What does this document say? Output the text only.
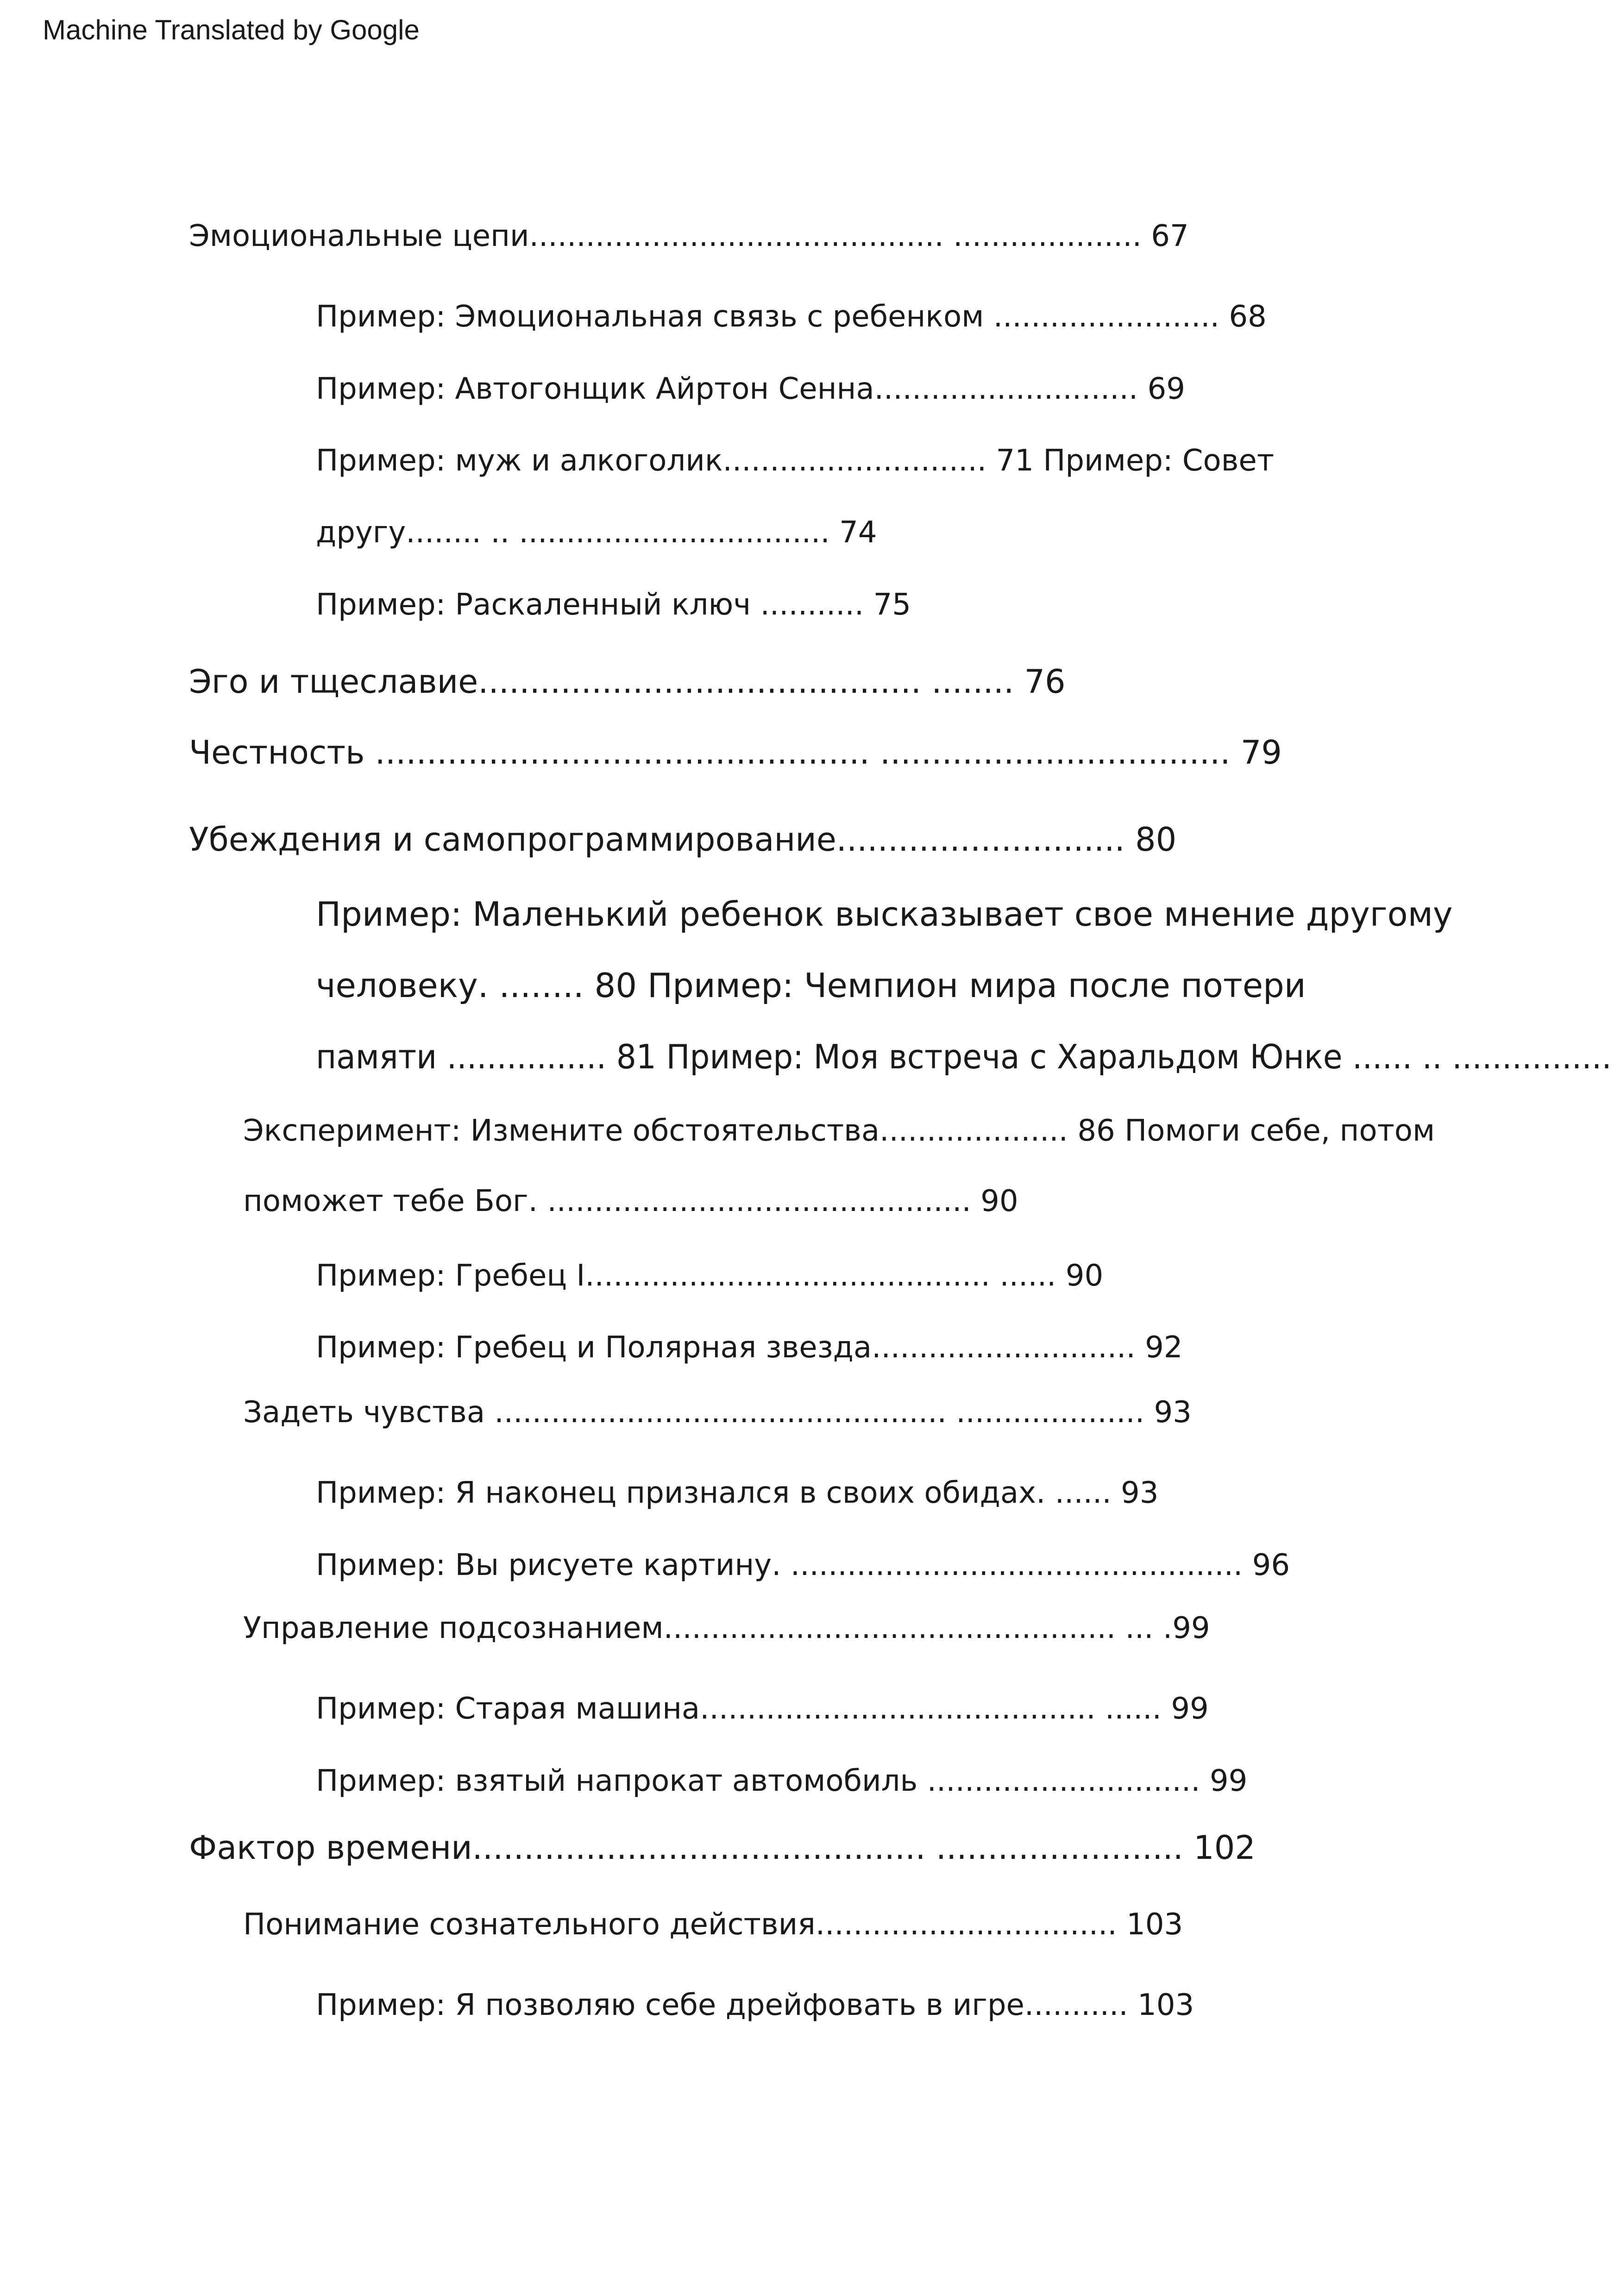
Machine Translated by Google
Эмоциональные цепи............................................ .................... 67
Пример: Эмоциональная связь с ребенком ........................ 68
Пример: Автогонщик Айртон Сенна............................ 69
Пример: муж и алкоголик............................ 71 Пример: Совет
другу........ .. ................................. 74
Пример: Раскаленный ключ ........... 75
Эго и тщеславие........................................... ........ 76
Честность ................................................ .................................. 79
Убеждения и самопрограммирование............................ 80
Пример: Маленький ребенок высказывает свое мнение другому
человеку. ........ 80 Пример: Чемпион мира после потери
памяти ................ 81 Пример: Моя встреча с Харальдом Юнке ...... .. ................
Эксперимент: Измените обстоятельства.................... 86 Помоги себе, потом
поможет тебе Бог. ............................................. 90
Пример: Гребец I........................................... ...... 90
Пример: Гребец и Полярная звезда............................ 92
Задеть чувства ................................................ .................... 93
Пример: Я наконец признался в своих обидах. ...... 93
Пример: Вы рисуете картину. ................................................ 96
Управление подсознанием................................................ ... .99
Пример: Старая машина.......................................... ...... 99
Пример: взятый напрокат автомобиль ............................. 99
Фактор времени............................................ ........................ 102
Понимание сознательного действия................................ 103
Пример: Я позволяю себе дрейфовать в игре........... 103
